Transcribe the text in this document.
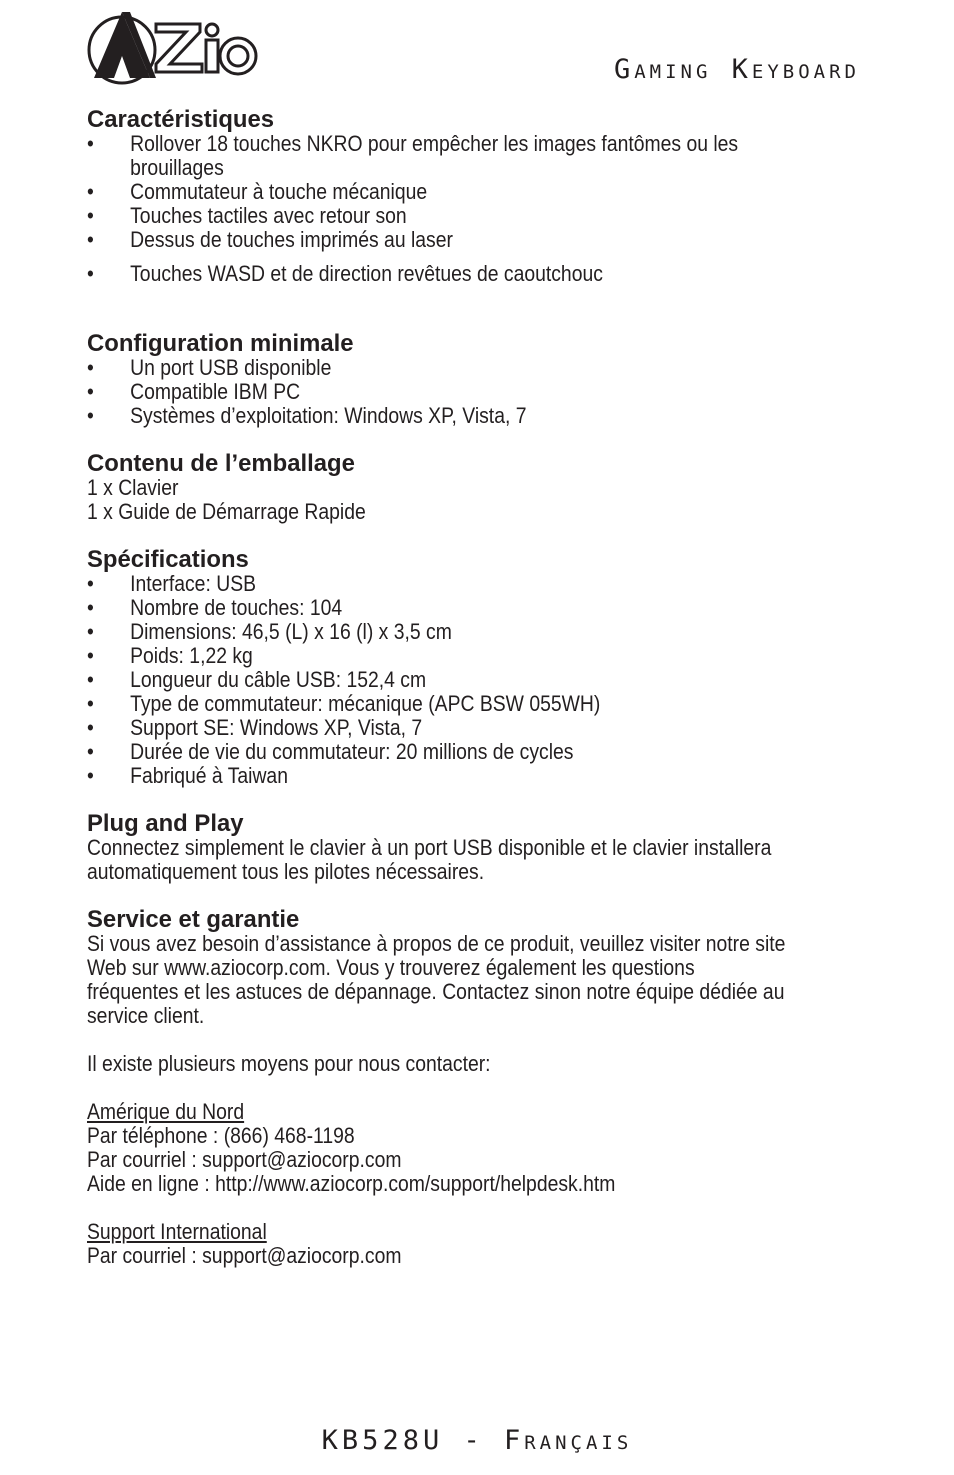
Gaming Keyboard
Caractéristiques
• Rollover 18 touches NKRO pour empêcher les images fantômes ou les brouillages
• Commutateur à touche mécanique
• Touches tactiles avec retour son
• Dessus de touches imprimés au laser
• Touches WASD et de direction revêtues de caoutchouc
Configuration minimale
• Un port USB disponible
• Compatible IBM PC
• Systèmes d’exploitation: Windows XP, Vista, 7
Contenu de l’emballage
1 x Clavier
1 x Guide de Démarrage Rapide
Spécifications
• Interface: USB
• Nombre de touches: 104
• Dimensions: 46,5 (L) x 16 (l) x 3,5 cm
• Poids: 1,22 kg
• Longueur du câble USB: 152,4 cm
• Type de commutateur: mécanique (APC BSW 055WH)
• Support SE: Windows XP, Vista, 7
• Durée de vie du commutateur: 20 millions de cycles
• Fabriqué à Taiwan
Plug and Play

Connectez simplement le clavier à un port USB disponible et le clavier installera automatiquement tous les pilotes nécessaires.

Service et garantie

Si vous avez besoin d’assistance à propos de ce produit, veuillez visiter notre site Web sur www.aziocorp.com. Vous y trouverez également les questions fréquentes et les astuces de dépannage. Contactez sinon notre équipe dédiée au service client.

Il existe plusieurs moyens pour nous contacter:
Amérique du Nord
Par téléphone : (866) 468-1198
Par courriel : support@aziocorp.com
Aide en ligne : http://www.aziocorp.com/support/helpdesk.htm
Support International
Par courriel : support@aziocorp.com
KB528U - Français
